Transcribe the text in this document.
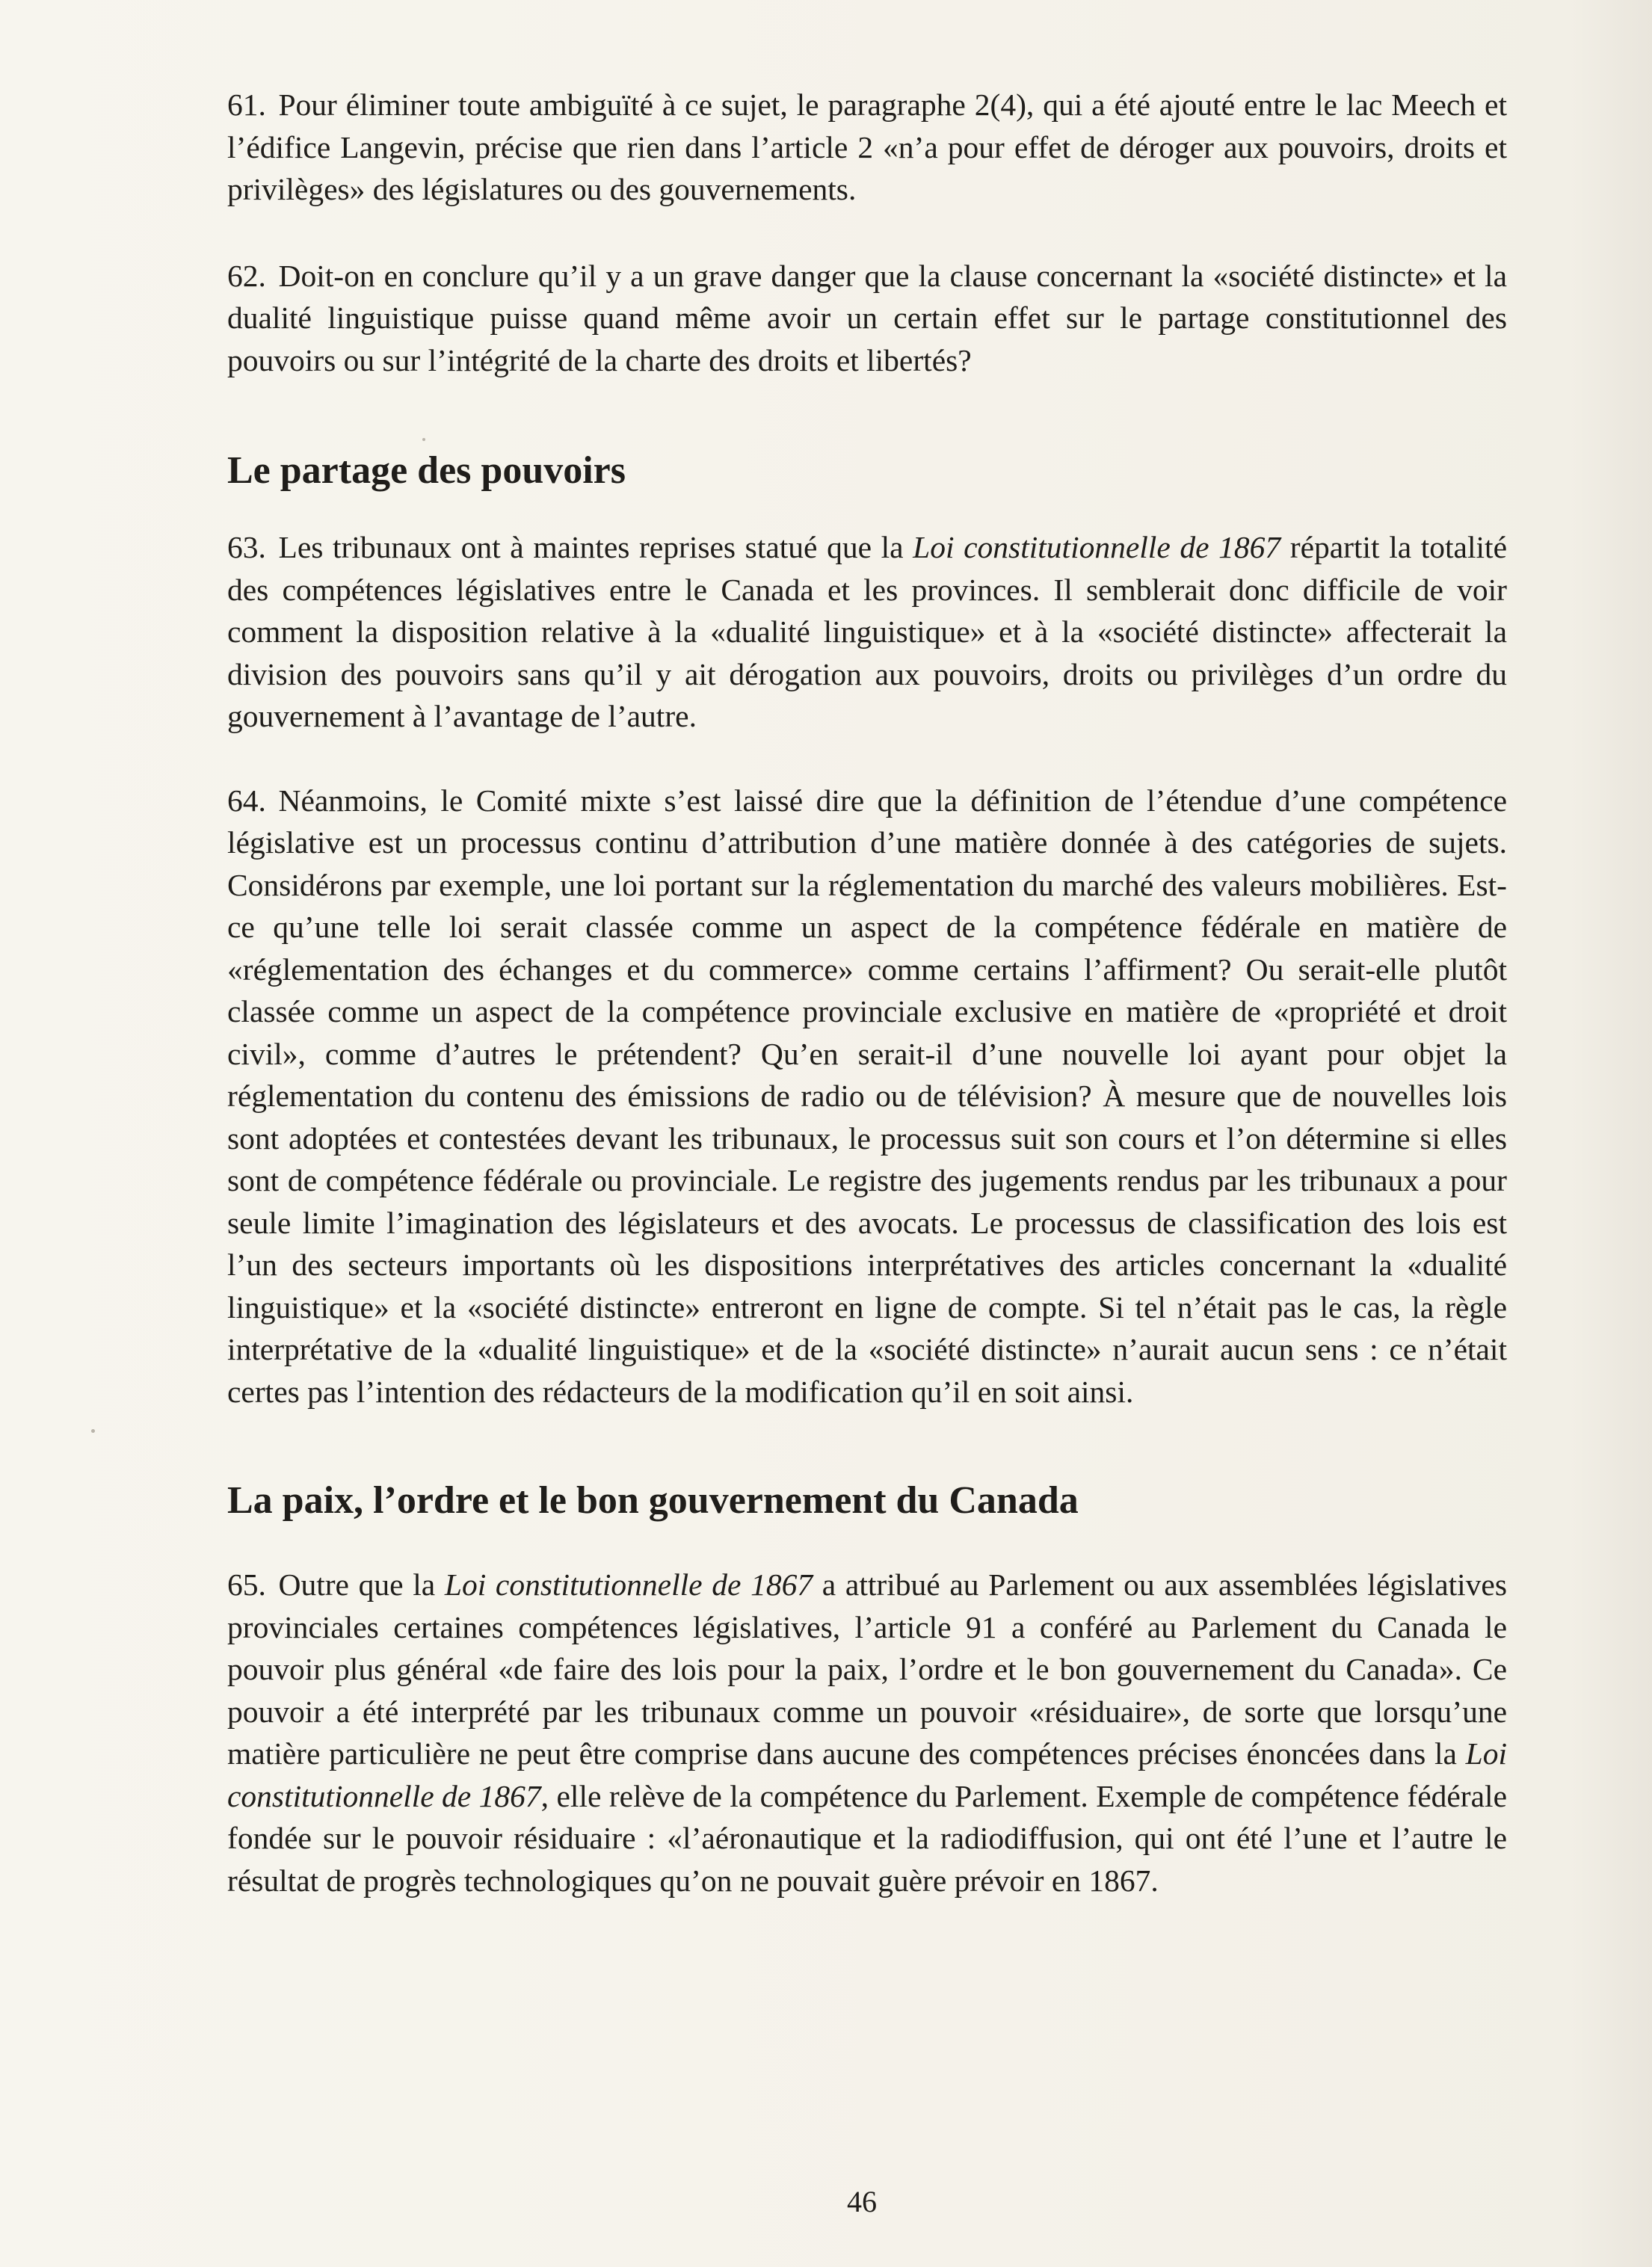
61. Pour éliminer toute ambiguïté à ce sujet, le paragraphe 2(4), qui a été ajouté entre le lac Meech et l’édifice Langevin, précise que rien dans l’article 2 «n’a pour effet de déroger aux pouvoirs, droits et privilèges» des législatures ou des gouvernements.

62. Doit-on en conclure qu’il y a un grave danger que la clause concernant la «société distincte» et la dualité linguistique puisse quand même avoir un certain effet sur le partage constitutionnel des pouvoirs ou sur l’intégrité de la charte des droits et libertés?

Le partage des pouvoirs

63. Les tribunaux ont à maintes reprises statué que la Loi constitutionnelle de 1867 répartit la totalité des compétences législatives entre le Canada et les provinces. Il semblerait donc difficile de voir comment la disposition relative à la «dualité linguistique» et à la «société distincte» affecterait la division des pouvoirs sans qu’il y ait dérogation aux pouvoirs, droits ou privilèges d’un ordre du gouvernement à l’avantage de l’autre.

64. Néanmoins, le Comité mixte s’est laissé dire que la définition de l’étendue d’une compétence législative est un processus continu d’attribution d’une matière donnée à des catégories de sujets. Considérons par exemple, une loi portant sur la réglementation du marché des valeurs mobilières. Est-ce qu’une telle loi serait classée comme un aspect de la compétence fédérale en matière de «réglementation des échanges et du commerce» comme certains l’affirment? Ou serait-elle plutôt classée comme un aspect de la compétence provinciale exclusive en matière de «propriété et droit civil», comme d’autres le prétendent? Qu’en serait-il d’une nouvelle loi ayant pour objet la réglementation du contenu des émissions de radio ou de télévision? À mesure que de nouvelles lois sont adoptées et contestées devant les tribunaux, le processus suit son cours et l’on détermine si elles sont de compétence fédérale ou provinciale. Le registre des jugements rendus par les tribunaux a pour seule limite l’imagination des législateurs et des avocats. Le processus de classification des lois est l’un des secteurs importants où les dispositions interprétatives des articles concernant la «dualité linguistique» et la «société distincte» entreront en ligne de compte. Si tel n’était pas le cas, la règle interprétative de la «dualité linguistique» et de la «société distincte» n’aurait aucun sens : ce n’était certes pas l’intention des rédacteurs de la modification qu’il en soit ainsi.

La paix, l’ordre et le bon gouvernement du Canada

65. Outre que la Loi constitutionnelle de 1867 a attribué au Parlement ou aux assemblées législatives provinciales certaines compétences législatives, l’article 91 a conféré au Parlement du Canada le pouvoir plus général «de faire des lois pour la paix, l’ordre et le bon gouvernement du Canada». Ce pouvoir a été interprété par les tribunaux comme un pouvoir «résiduaire», de sorte que lorsqu’une matière particulière ne peut être comprise dans aucune des compétences précises énoncées dans la Loi constitutionnelle de 1867, elle relève de la compétence du Parlement. Exemple de compétence fédérale fondée sur le pouvoir résiduaire : «l’aéronautique et la radiodiffusion, qui ont été l’une et l’autre le résultat de progrès technologiques qu’on ne pouvait guère prévoir en 1867.

46
